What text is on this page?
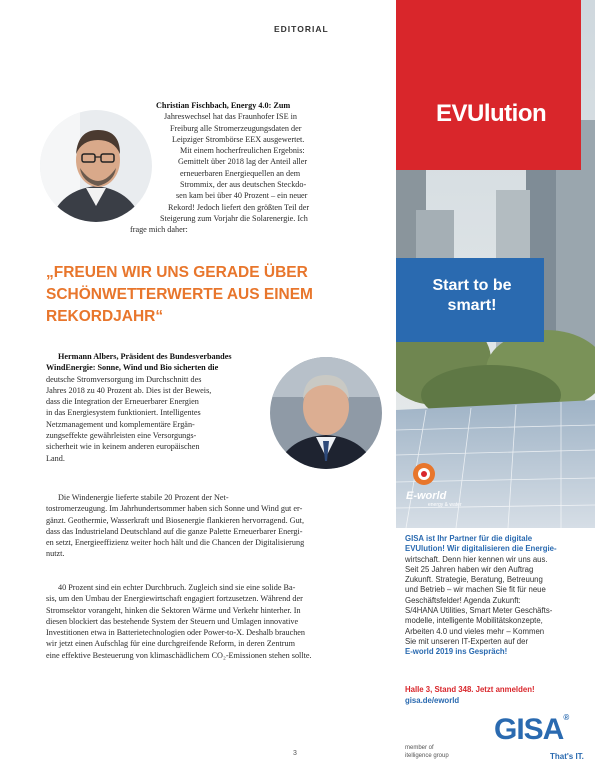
EDITORIAL
Christian Fischbach, Energy 4.0: Zum
Jahreswechsel hat das Fraunhofer ISE in
Freiburg alle Stromerzeugungsdaten der
Leipziger Strombörse EEX ausgewertet.
Mit einem hocherfreulichen Ergebnis:
Gemittelt über 2018 lag der Anteil aller
erneuerbaren Energiequellen an dem
Strommix, der aus deutschen Steckdo-
sen kam bei über 40 Prozent – ein neuer
Rekord! Jedoch liefert den größten Teil der
Steigerung zum Vorjahr die Solarenergie. Ich
frage mich daher:
„FREUEN WIR UNS GERADE ÜBER SCHÖNWETTERWERTE AUS EINEM REKORDJAHR“
Hermann Albers, Präsident des Bundesverbandes
WindEnergie: Sonne, Wind und Bio sicherten die
deutsche Stromversorgung im Durchschnitt des
Jahres 2018 zu 40 Prozent ab. Dies ist der Beweis,
dass die Integration der Erneuerbarer Energien
in das Energiesystem funktioniert. Intelligentes
Netzmanagement und komplementäre Ergän-
zungseffekte gewährleisten eine Versorgungs-
sicherheit wie in keinem anderen europäischen
Land.
Die Windenergie lieferte stabile 20 Prozent der Net-
tostromerzeugung. Im Jahrhundertsommer haben sich Sonne und Wind gut er-
gänzt. Geothermie, Wasserkraft und Biosenergie flankieren hervorragend. Gut,
dass das Industrieland Deutschland auf die ganze Palette Erneuerbarer Energi-
en setzt, Energieeffizienz weiter hoch hält und die Chancen der Digitalisierung
nutzt.
40 Prozent sind ein echter Durchbruch. Zugleich sind sie eine solide Ba-
sis, um den Umbau der Energiewirtschaft engagiert fortzusetzen. Während der
Stromsektor vorangeht, hinken die Sektoren Wärme und Verkehr hinterher. In
diesen blockiert das bestehende System der Steuern und Umlagen innovative
Investitionen etwa in Batterietechnologien oder Power-to-X. Deshalb brauchen
wir jetzt einen Aufschlag für eine durchgreifende Reform, in deren Zentrum
eine effektive Besteuerung von klimaschädlichem CO₂-Emissionen stehen sollte.
3
EVUlution
Start to be smart!
E-world
energy & water
GISA ist Ihr Partner für die digitale
EVUlution! Wir digitalisieren die Energie-
wirtschaft. Denn hier kennen wir uns aus.
Seit 25 Jahren haben wir den Auftrag
Zukunft. Strategie, Beratung, Betreuung
und Betrieb – wir machen Sie fit für neue
Geschäftsfelder! Agenda Zukunft:
S/4HANA Utilities, Smart Meter Geschäfts-
modelle, intelligente Mobilitätskonzepte,
Arbeiten 4.0 und vieles mehr – Kommen
Sie mit unseren IT-Experten auf der
E-world 2019 ins Gespräch!
Halle 3, Stand 348. Jetzt anmelden!
gisa.de/eworld
member of
itelligence group
GISA®
That's IT.
